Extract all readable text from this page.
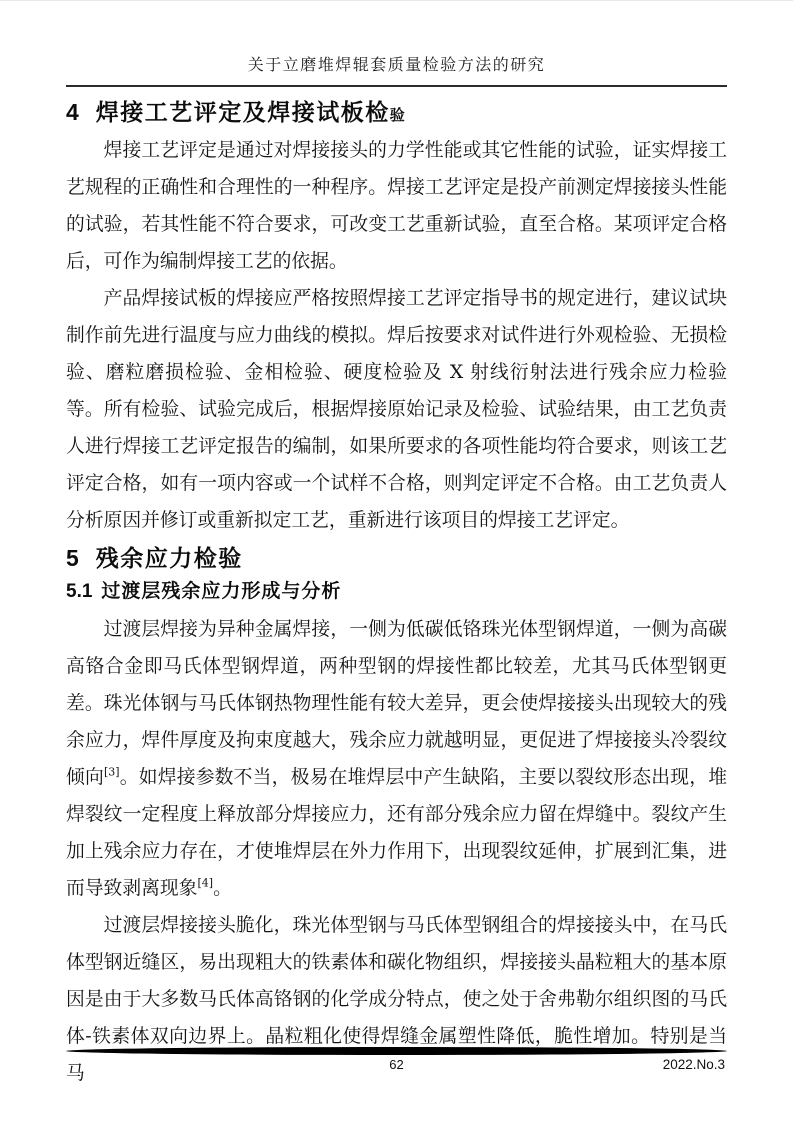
关于立磨堆焊辊套质量检验方法的研究
4 焊接工艺评定及焊接试板检验

焊接工艺评定是通过对焊接接头的力学性能或其它性能的试验，证实焊接工艺规程的正确性和合理性的一种程序。焊接工艺评定是投产前测定焊接接头性能的试验，若其性能不符合要求，可改变工艺重新试验，直至合格。某项评定合格后，可作为编制焊接工艺的依据。

产品焊接试板的焊接应严格按照焊接工艺评定指导书的规定进行，建议试块制作前先进行温度与应力曲线的模拟。焊后按要求对试件进行外观检验、无损检验、磨粒磨损检验、金相检验、硬度检验及 X 射线衍射法进行残余应力检验等。所有检验、试验完成后，根据焊接原始记录及检验、试验结果，由工艺负责人进行焊接工艺评定报告的编制，如果所要求的各项性能均符合要求，则该工艺评定合格，如有一项内容或一个试样不合格，则判定评定不合格。由工艺负责人分析原因并修订或重新拟定工艺，重新进行该项目的焊接工艺评定。

5 残余应力检验
5.1 过渡层残余应力形成与分析

过渡层焊接为异种金属焊接，一侧为低碳低铬珠光体型钢焊道，一侧为高碳高铬合金即马氏体型钢焊道，两种型钢的焊接性都比较差，尤其马氏体型钢更差。珠光体钢与马氏体钢热物理性能有较大差异，更会使焊接接头出现较大的残余应力，焊件厚度及拘束度越大，残余应力就越明显，更促进了焊接接头冷裂纹倾向[3]。如焊接参数不当，极易在堆焊层中产生缺陷，主要以裂纹形态出现，堆焊裂纹一定程度上释放部分焊接应力，还有部分残余应力留在焊缝中。裂纹产生加上残余应力存在，才使堆焊层在外力作用下，出现裂纹延伸，扩展到汇集，进而导致剥离现象[4]。

过渡层焊接接头脆化，珠光体型钢与马氏体型钢组合的焊接接头中，在马氏体型钢近缝区，易出现粗大的铁素体和碳化物组织，焊接接头晶粒粗大的基本原因是由于大多数马氏体高铬钢的化学成分特点，使之处于舍弗勒尔组织图的马氏体-铁素体双向边界上。晶粒粗化使得焊缝金属塑性降低，脆性增加。特别是当马	62	2022.No.3
